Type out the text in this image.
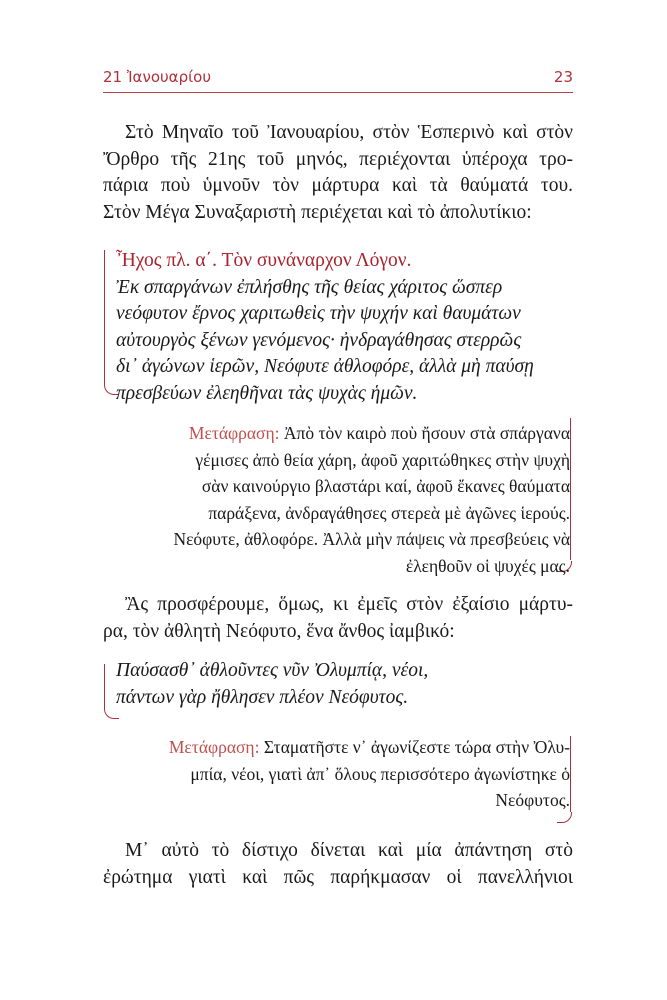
21 Ἰανουαρίου	23
Στὸ Μηναῖο τοῦ Ἰανουαρίου, στὸν Ἑσπερινὸ καὶ στὸν
Ὄρθρο τῆς 21ης τοῦ μηνός, περιέχονται ὑπέροχα τρο-
πάρια ποὺ ὑμνοῦν τὸν μάρτυρα καὶ τὰ θαύματά του.
Στὸν Μέγα Συναξαριστὴ περιέχεται καὶ τὸ ἀπολυτίκιο:
Ἦχος πλ. α΄. Τὸν συνάναρχον Λόγον.
Ἐκ σπαργάνων ἐπλήσθης τῆς θείας χάριτος ὥσπερ
νεόφυτον ἔρνος χαριτωθεὶς τὴν ψυχήν καὶ θαυμάτων
αὐτουργὸς ξένων γενόμενος· ἠνδραγάθησας στερρῶς
δι᾽ ἀγώνων ἱερῶν, Νεόφυτε ἀθλοφόρε, ἀλλὰ μὴ παύσῃ
πρεσβεύων ἐλεηθῆναι τὰς ψυχὰς ἡμῶν.
Μετάφραση: Ἀπὸ τὸν καιρὸ ποὺ ἤσουν στὰ σπάργανα
γέμισες ἀπὸ θεία χάρη, ἀφοῦ χαριτώθηκες στὴν ψυχὴ
σὰν καινούργιο βλαστάρι καί, ἀφοῦ ἔκανες θαύματα
παράξενα, ἀνδραγάθησες στερεὰ μὲ ἀγῶνες ἱερούς.
Νεόφυτε, ἀθλοφόρε. Ἀλλὰ μὴν πάψεις νὰ πρεσβεύεις νὰ
ἐλεηθοῦν οἱ ψυχές μας.
Ἂς προσφέρουμε, ὅμως, κι ἐμεῖς στὸν ἐξαίσιο μάρτυ-
ρα, τὸν ἀθλητὴ Νεόφυτο, ἕνα ἄνθος ἰαμβικό:
Παύσασθ᾽ ἀθλοῦντες νῦν Ὀλυμπίᾳ, νέοι,
πάντων γὰρ ἤθλησεν πλέον Νεόφυτος.
Μετάφραση: Σταματῆστε ν᾽ ἀγωνίζεστε τώρα στὴν Ὀλυ-
μπία, νέοι, γιατὶ ἀπ᾽ ὅλους περισσότερο ἀγωνίστηκε ὁ
Νεόφυτος.
Μ᾽ αὐτὸ τὸ δίστιχο δίνεται καὶ μία ἀπάντηση στὸ
ἐρώτημα γιατὶ καὶ πῶς παρήκμασαν οἱ πανελλήνιοι
